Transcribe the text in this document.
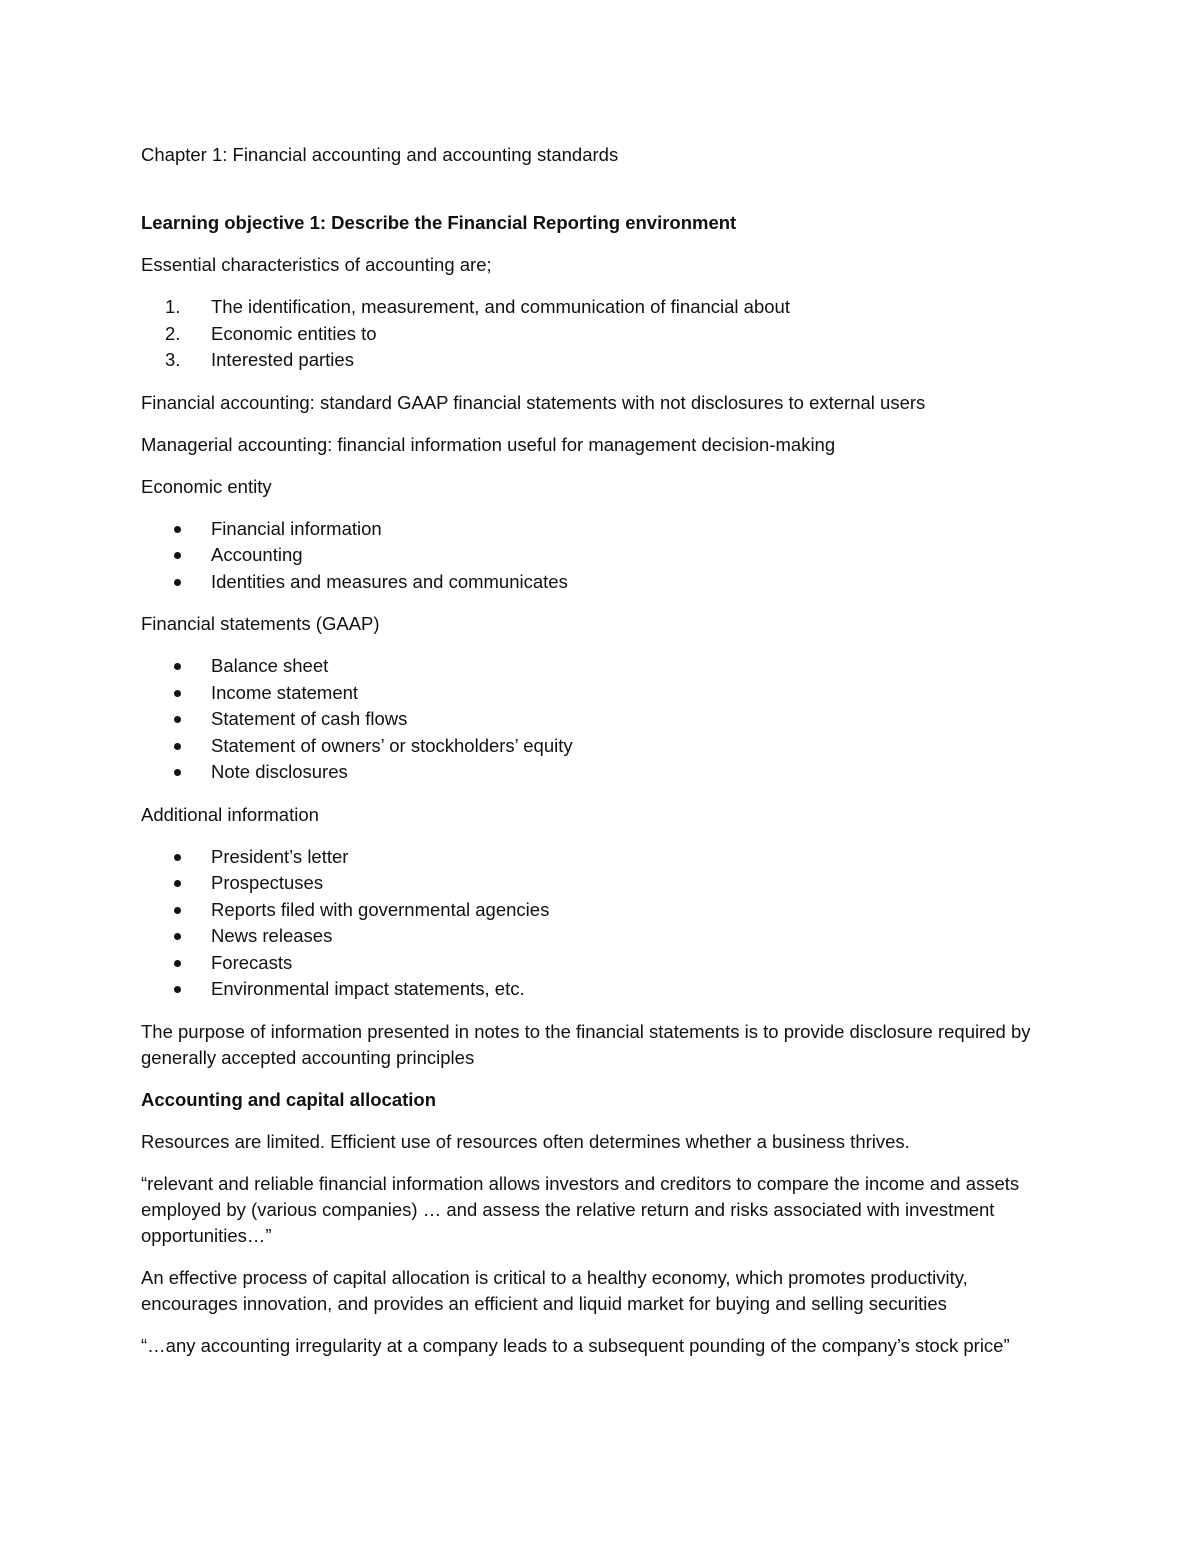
Chapter 1: Financial accounting and accounting standards

Learning objective 1: Describe the Financial Reporting environment

Essential characteristics of accounting are;

1.	The identification, measurement, and communication of financial about
2.	Economic entities to
3.	Interested parties

Financial accounting: standard GAAP financial statements with not disclosures to external users

Managerial accounting: financial information useful for management decision-making

Economic entity

Financial information
Accounting
Identities and measures and communicates

Financial statements (GAAP)

Balance sheet
Income statement
Statement of cash flows
Statement of owners’ or stockholders’ equity
Note disclosures

Additional information

President’s letter
Prospectuses
Reports filed with governmental agencies
News releases
Forecasts
Environmental impact statements, etc.

The purpose of information presented in notes to the financial statements is to provide disclosure required by generally accepted accounting principles

Accounting and capital allocation

Resources are limited. Efficient use of resources often determines whether a business thrives.

“relevant and reliable financial information allows investors and creditors to compare the income and assets employed by (various companies) … and assess the relative return and risks associated with investment opportunities…”

An effective process of capital allocation is critical to a healthy economy, which promotes productivity, encourages innovation, and provides an efficient and liquid market for buying and selling securities

“…any accounting irregularity at a company leads to a subsequent pounding of the company’s stock price”
